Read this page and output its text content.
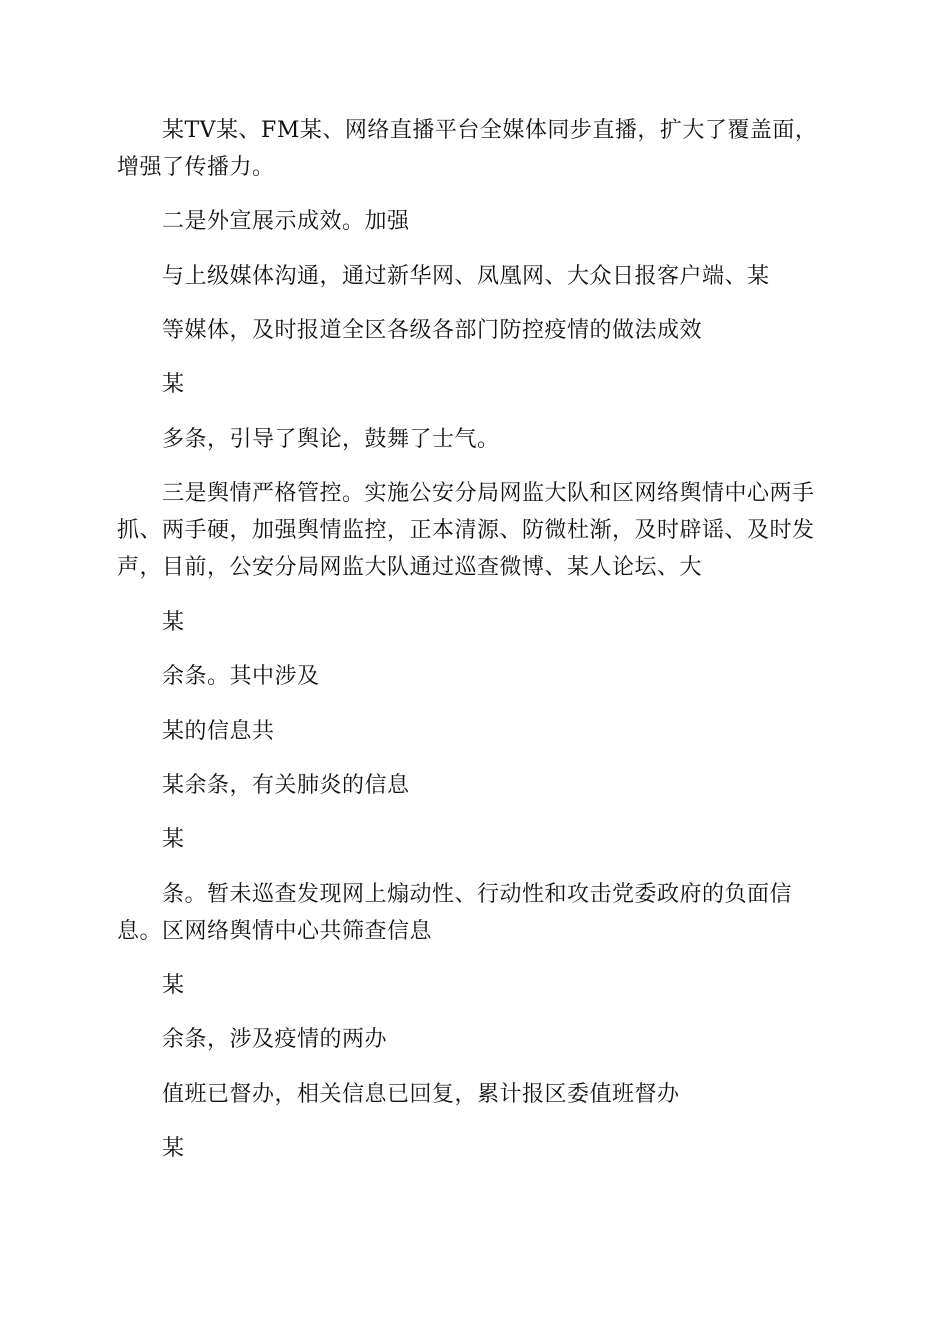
某TV某、FM某、网络直播平台全媒体同步直播，扩大了覆盖面，增强了传播力。

二是外宣展示成效。加强

与上级媒体沟通，通过新华网、凤凰网、大众日报客户端、某

等媒体，及时报道全区各级各部门防控疫情的做法成效

某

多条，引导了舆论，鼓舞了士气。

三是舆情严格管控。实施公安分局网监大队和区网络舆情中心两手抓、两手硬，加强舆情监控，正本清源、防微杜渐，及时辟谣、及时发声，目前，公安分局网监大队通过巡查微博、某人论坛、大

某

余条。其中涉及

某的信息共

某余条，有关肺炎的信息

某

条。暂未巡查发现网上煽动性、行动性和攻击党委政府的负面信息。区网络舆情中心共筛查信息

某

余条，涉及疫情的两办

值班已督办，相关信息已回复，累计报区委值班督办

某
